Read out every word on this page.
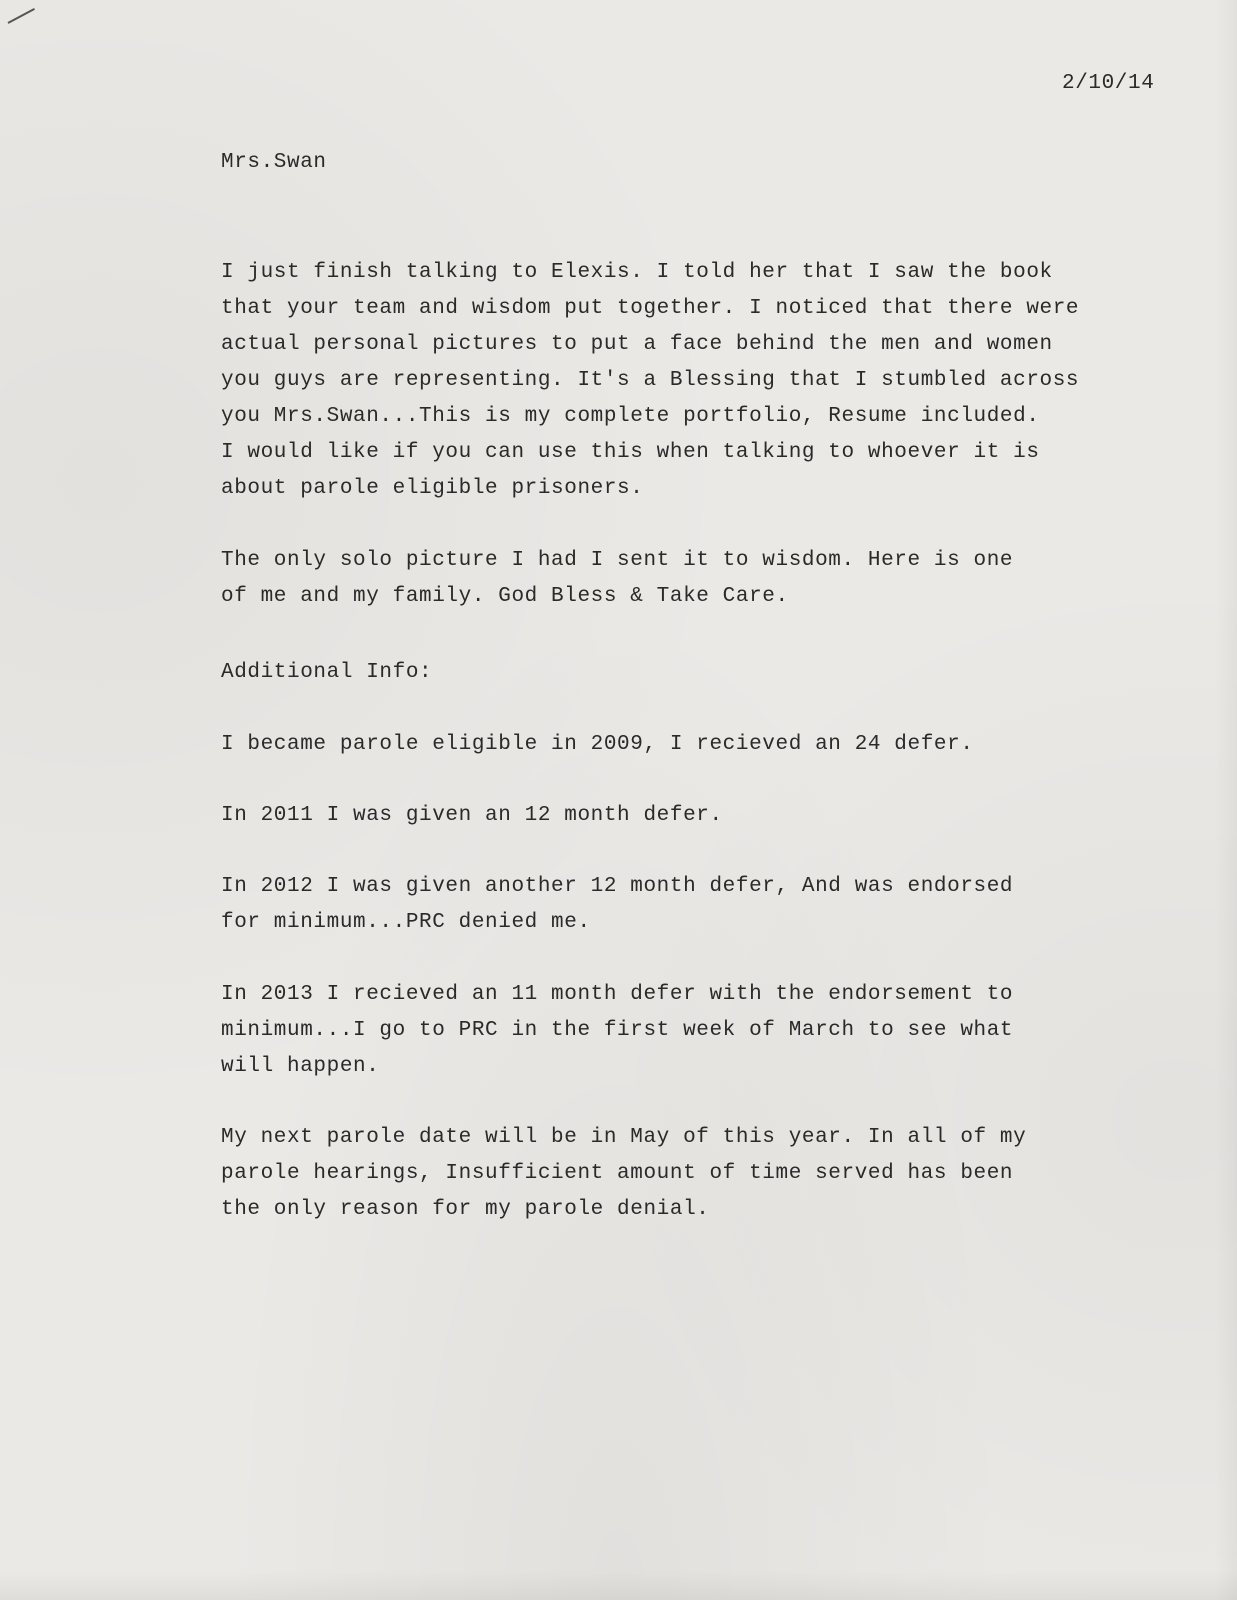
2/10/14
Mrs.Swan
I just finish talking to Elexis. I told her that I saw the book
that your team and wisdom put together. I noticed that there were
actual personal pictures to put a face behind the men and women
you guys are representing. It's a Blessing that I stumbled across
you Mrs.Swan...This is my complete portfolio, Resume included.
I would like if you can use this when talking to whoever it is
about parole eligible prisoners.
The only solo picture I had I sent it to wisdom. Here is one
of me and my family. God Bless & Take Care.
Additional Info:
I became parole eligible in 2009, I recieved an 24 defer.
In 2011 I was given an 12 month defer.
In 2012 I was given another 12 month defer, And was endorsed
for minimum...PRC denied me.
In 2013 I recieved an 11 month defer with the endorsement to
minimum...I go to PRC in the first week of March to see what
will happen.
My next parole date will be in May of this year. In all of my
parole hearings, Insufficient amount of time served has been
the only reason for my parole denial.
